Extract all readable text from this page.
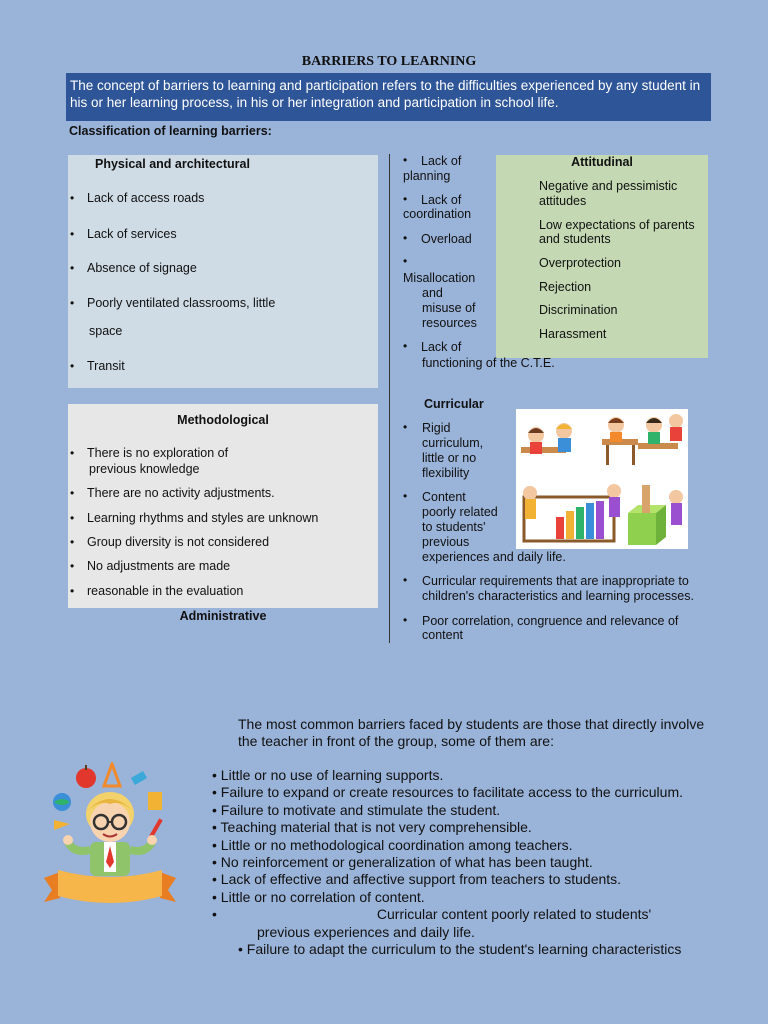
BARRIERS TO LEARNING
The concept of barriers to learning and participation refers to the difficulties experienced by any student in his or her learning process, in his or her integration and participation in school life.
Classification of learning barriers:
Physical and architectural
• Lack of access roads
• Lack of services
• Absence of signage
• Poorly ventilated classrooms, little
space
• Transit
Methodological
• There is no exploration of
previous knowledge
• There are no activity adjustments.
• Learning rhythms and styles are unknown
• Group diversity is not considered
• No adjustments are made
• reasonable in the evaluation
Administrative
• Lack of
planning
• Lack of
coordination
• Overload
•
Misallocation
and
misuse of
resources
• Lack of
Attitudinal
Negative and pessimistic
attitudes
Low expectations of parents
and students
Overprotection
Rejection
Discrimination
Harassment
functioning of the C.T.E.
Curricular
• Rigid
curriculum,
little or no
flexibility
• Content
poorly related
to students'
previous
experiences and daily life.
• Curricular requirements that are inappropriate to
children's characteristics and learning processes.
• Poor correlation, congruence and relevance of
content
The most common barriers faced by students are those that directly involve the teacher in front of the group, some of them are:
• Little or no use of learning supports.
• Failure to expand or create resources to facilitate access to the curriculum.
• Failure to motivate and stimulate the student.
• Teaching material that is not very comprehensible.
• Little or no methodological coordination among teachers.
• No reinforcement or generalization of what has been taught.
• Lack of effective and affective support from teachers to students.
• Little or no correlation of content.
•	Curricular content poorly related to students'
previous experiences and daily life.
• Failure to adapt the curriculum to the student's learning characteristics
